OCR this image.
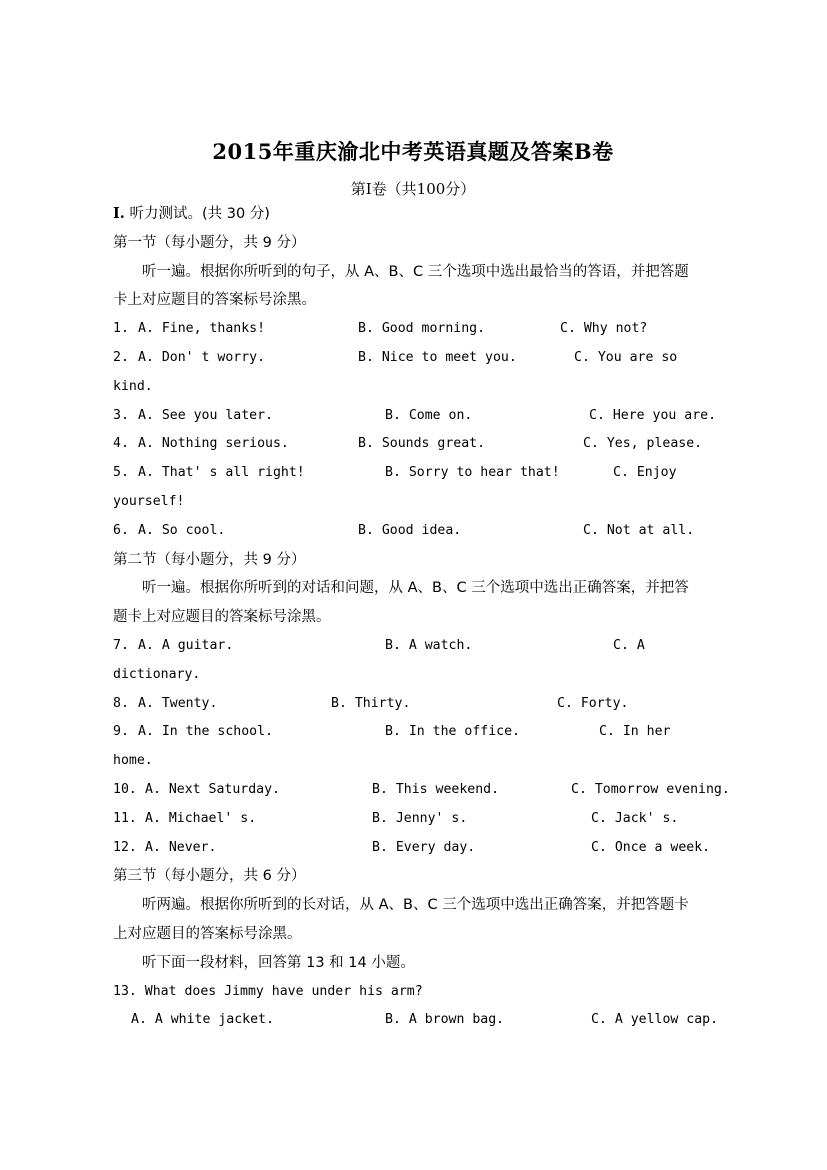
2015年重庆渝北中考英语真题及答案B卷
第Ⅰ卷（共100分）

I. 听力测试。(共 30 分)

第一节（每小题分，共 9 分）

听一遍。根据你所听到的句子，从 A、B、C 三个选项中选出最恰当的答语，并把答题

卡上对应题目的答案标号涂黑。

1. A. Fine, thanks!	B. Good morning.	C. Why not?
2. A. Don' t worry.	B. Nice to meet you.	C. You are so
kind.
3. A. See you later.	B. Come on.	C. Here you are.
4. A. Nothing serious.	B. Sounds great.	C. Yes, please.
5. A. That' s all right!	B. Sorry to hear that!	C. Enjoy
yourself!
6. A. So cool.	B. Good idea.	C. Not at all.

第二节（每小题分，共 9 分）

听一遍。根据你所听到的对话和问题，从 A、B、C 三个选项中选出正确答案，并把答

题卡上对应题目的答案标号涂黑。

7. A. A guitar.	B. A watch.	C. A
dictionary.
8. A. Twenty.	B. Thirty.	C. Forty.
9. A. In the school.	B. In the office.	C. In her
home.
10. A. Next Saturday.	B. This weekend.	C. Tomorrow evening.
11. A. Michael' s.	B. Jenny' s.	C. Jack' s.
12. A. Never.	B. Every day.	C. Once a week.

第三节（每小题分，共 6 分）

听两遍。根据你所听到的长对话，从 A、B、C 三个选项中选出正确答案，并把答题卡

上对应题目的答案标号涂黑。

听下面一段材料，回答第 13 和 14 小题。

13. What does Jimmy have under his arm?

A. A white jacket.	B. A brown bag.	C. A yellow cap.
